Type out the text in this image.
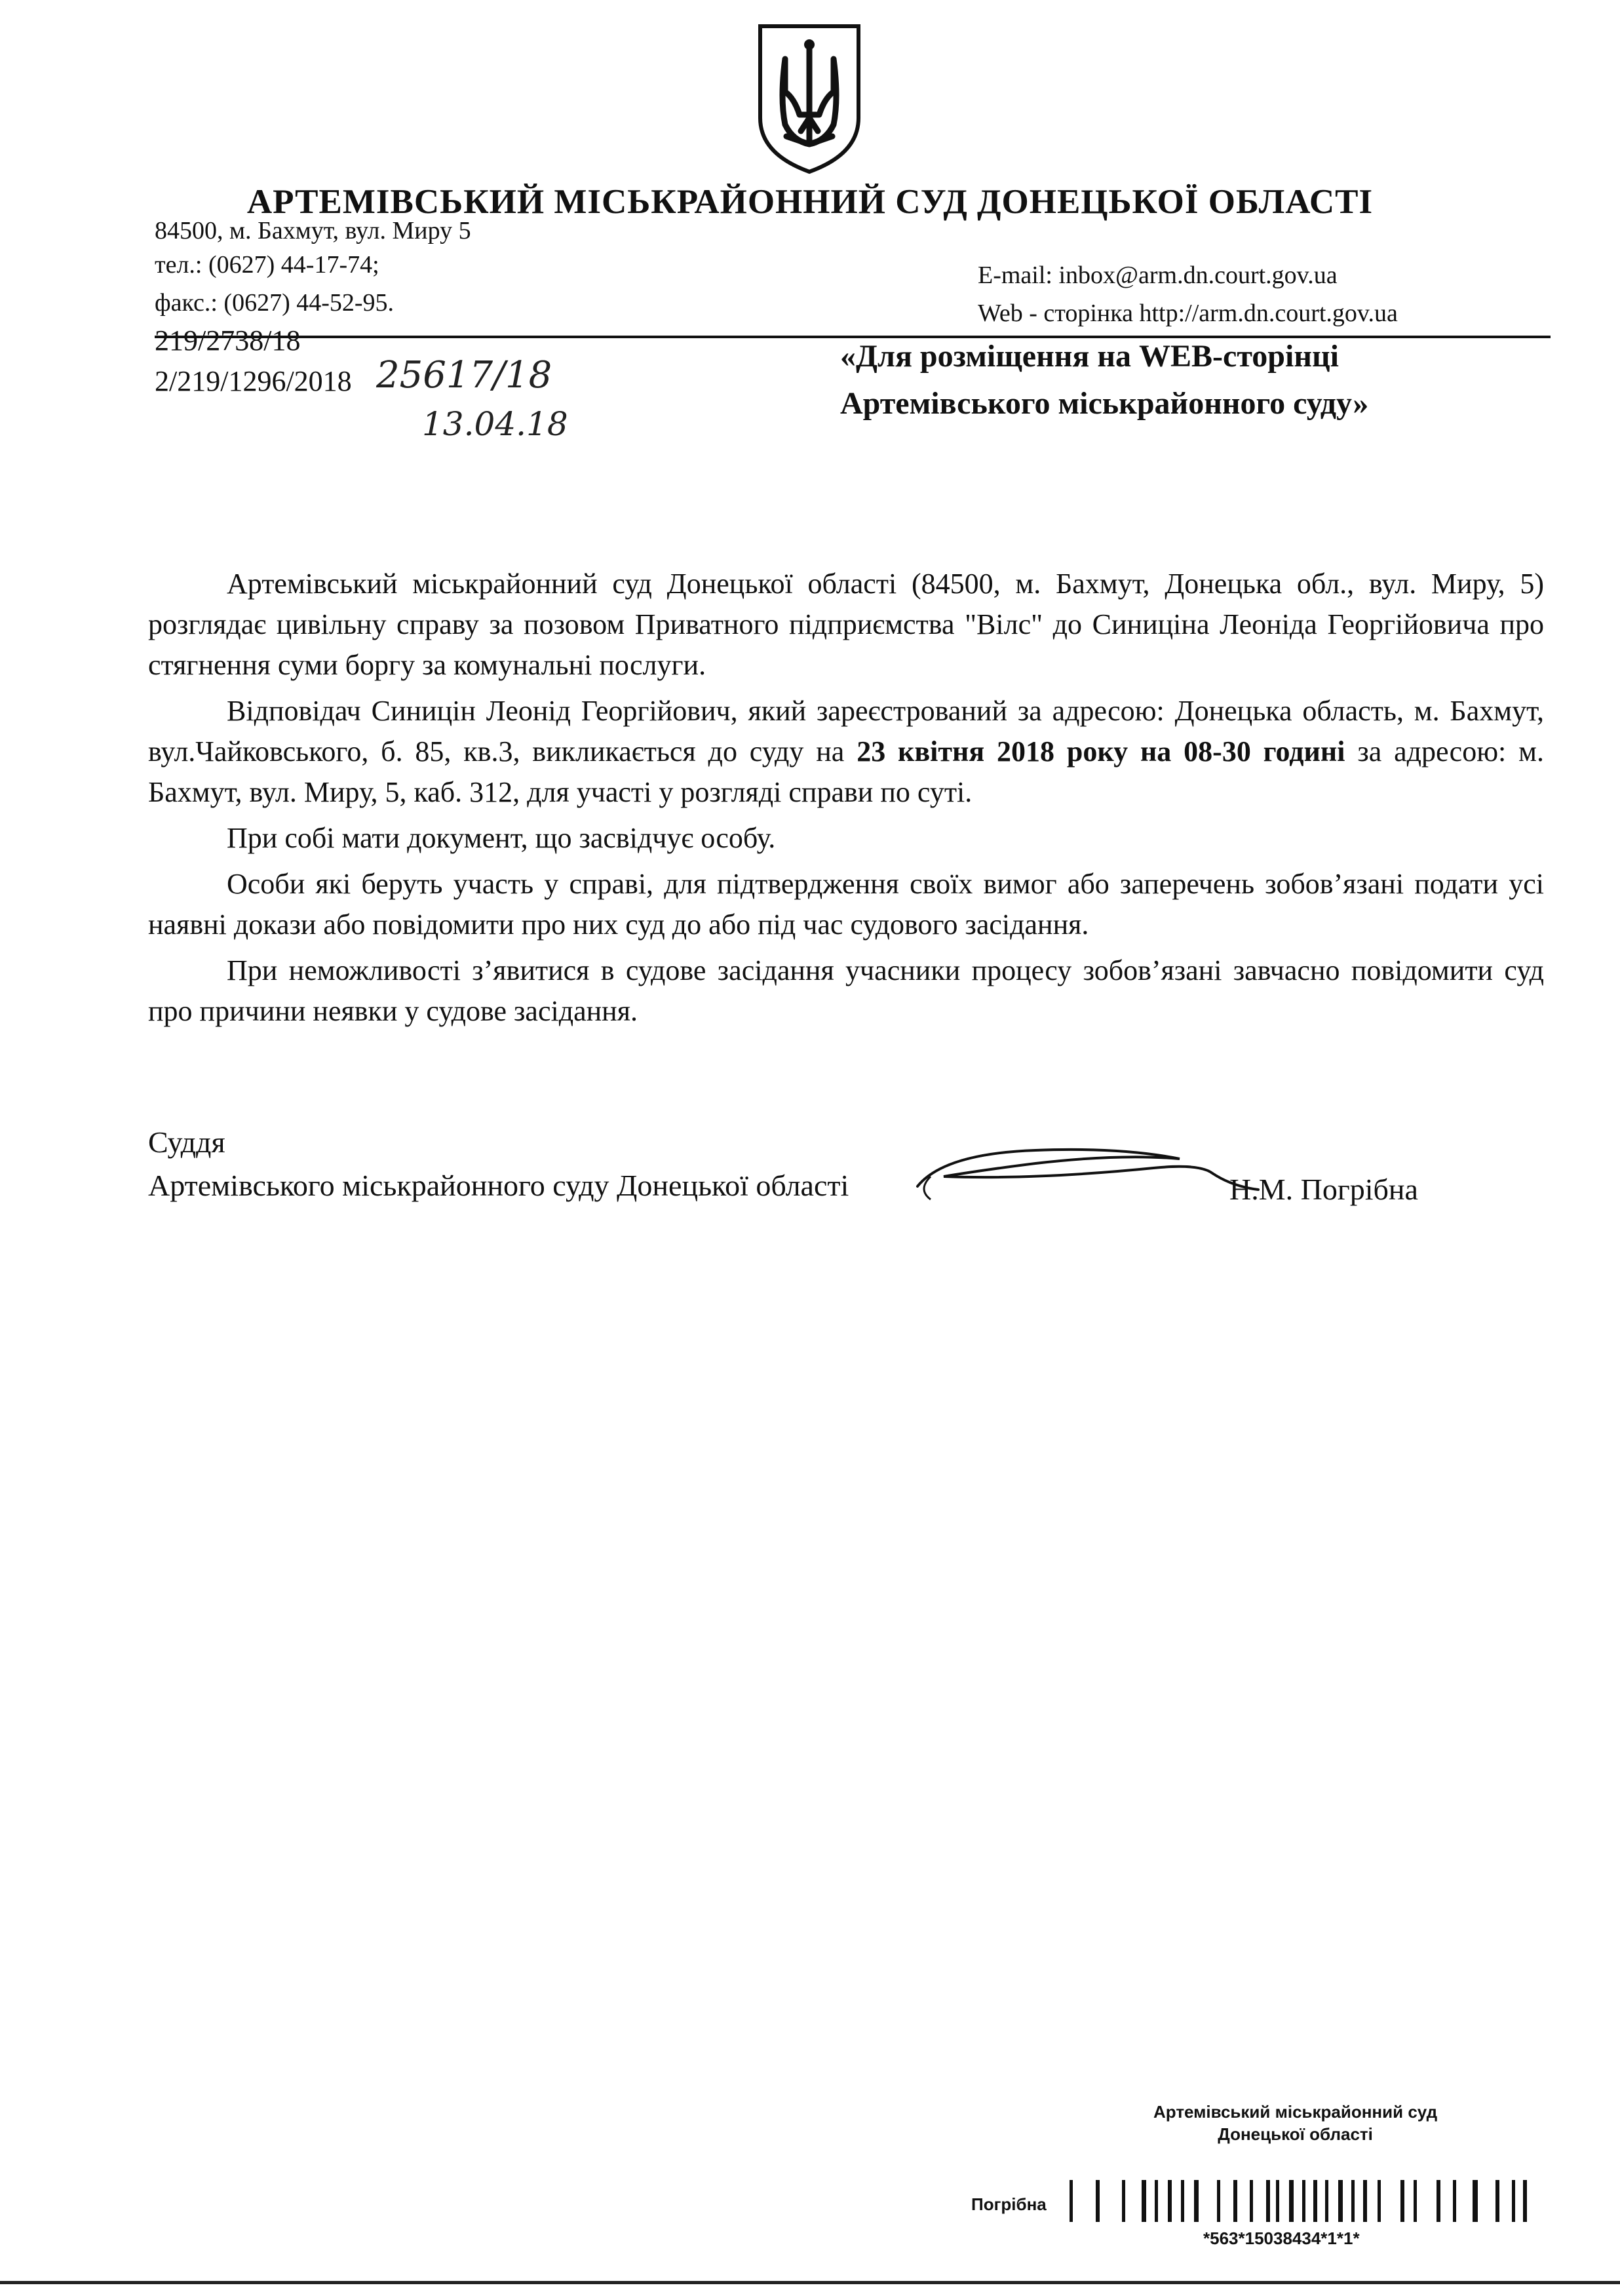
АРТЕМІВСЬКИЙ МІСЬКРАЙОННИЙ СУД ДОНЕЦЬКОЇ ОБЛАСТІ
84500, м. Бахмут, вул. Миру 5
тел.: (0627) 44-17-74;
факс.: (0627) 44-52-95.
E-mail: inbox@arm.dn.court.gov.ua
Web - сторінка http://arm.dn.court.gov.ua
219/2738/18
2/219/1296/2018 25617/18
13.04.18
«Для розміщення на WEB-сторінці
Артемівського міськрайонного суду»

Артемівський міськрайонний суд Донецької області (84500, м. Бахмут, Донецька обл., вул. Миру, 5) розглядає цивільну справу за позовом Приватного підприємства "Вілс" до Синиціна Леоніда Георгійовича про стягнення суми боргу за комунальні послуги.

Відповідач Синицін Леонід Георгійович, який зареєстрований за адресою: Донецька область, м. Бахмут, вул.Чайковського, б. 85, кв.3, викликається до суду на 23 квітня 2018 року на 08-30 годині за адресою: м. Бахмут, вул. Миру, 5, каб. 312, для участі у розгляді справи по суті.

При собі мати документ, що засвідчує особу.

Особи які беруть участь у справі, для підтвердження своїх вимог або заперечень зобов’язані подати усі наявні докази або повідомити про них суд до або під час судового засідання.

При неможливості з’явитися в судове засідання учасники процесу зобов’язані завчасно повідомити суд про причини неявки у судове засідання.

Суддя
Артемівського міськрайонного суду Донецької області	Н.М. Погрібна
Артемівський міськрайонний суд
Донецької області
Погрібна
*563*15038434*1*1*
